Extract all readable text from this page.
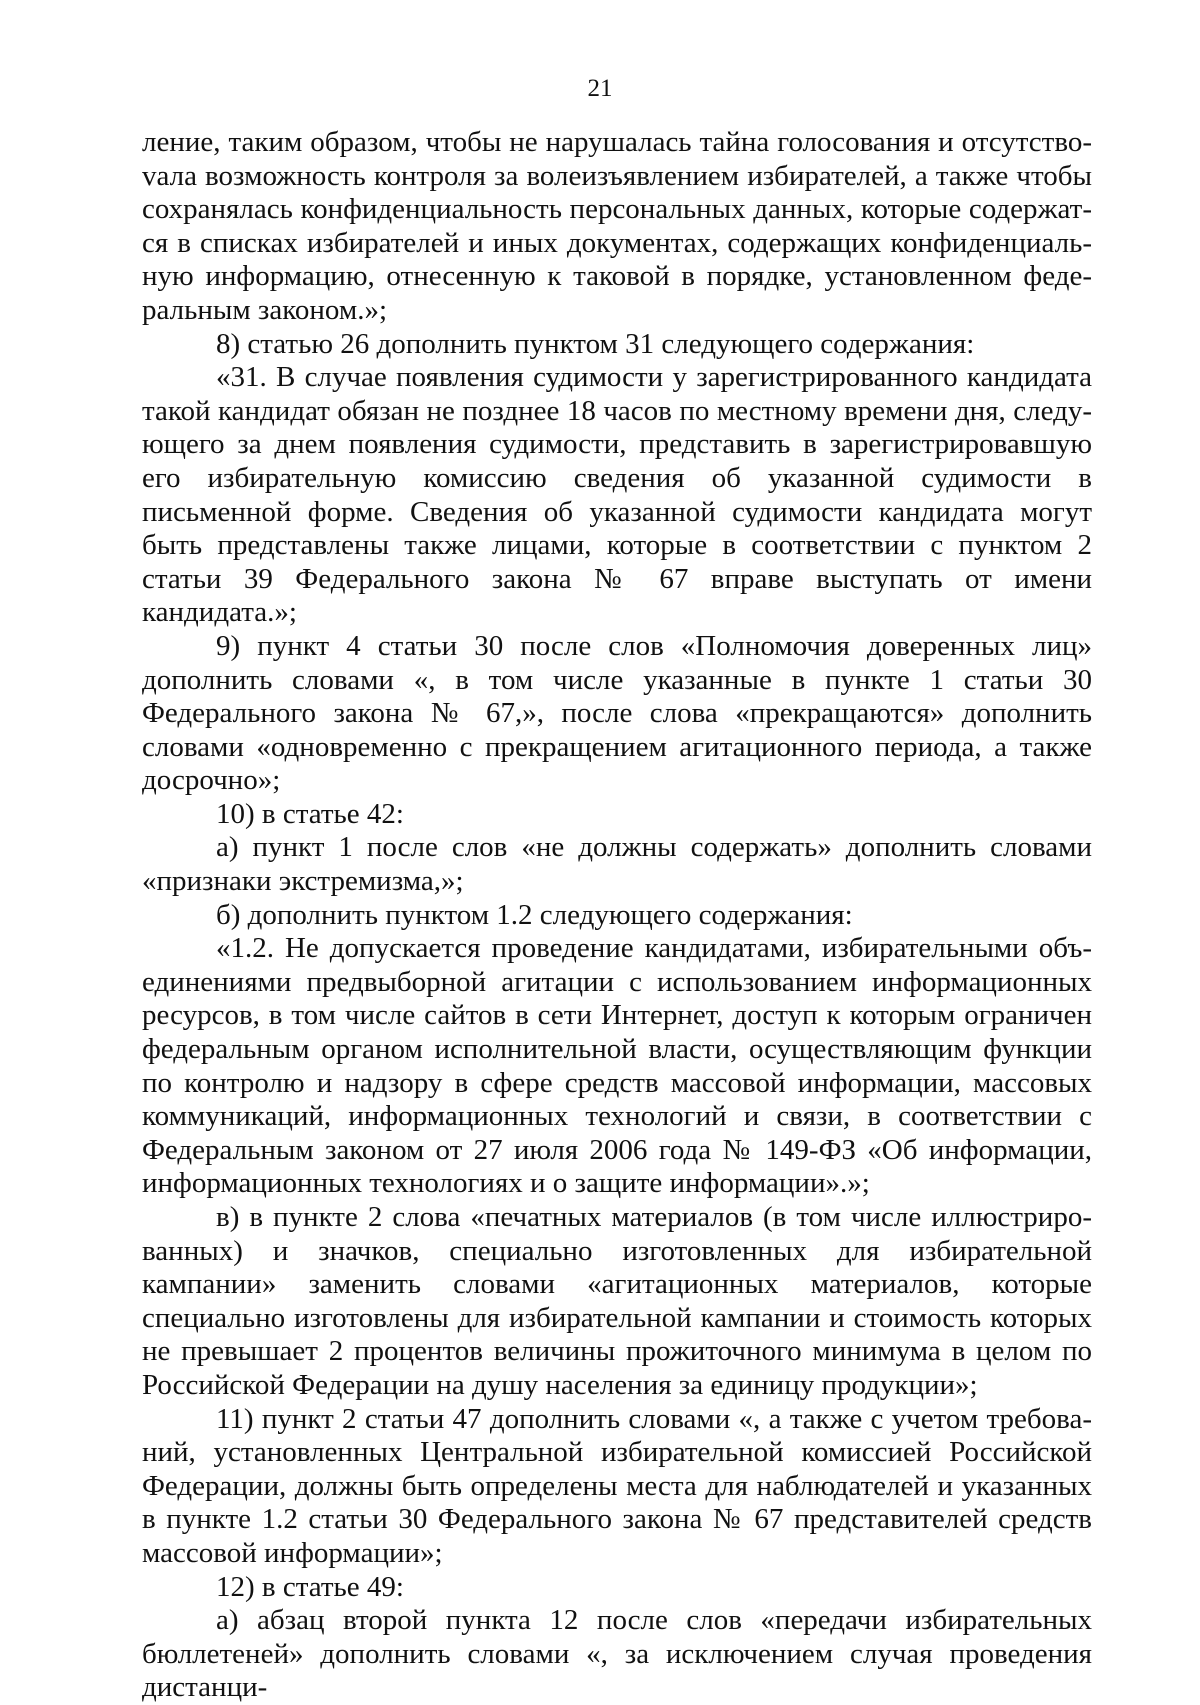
21

ление, таким образом, чтобы не нарушалась тайна голосования и отсутствоvала возможность контроля за волеизъявлением избирателей, а также чтобы сохранялась конфиденциальность персональных данных, которые содержатся в списках избирателей и иных документах, содержащих конфиденциальную информацию, отнесенную к таковой в порядке, установленном федеральным законом.»;

8) статью 26 дополнить пунктом 31 следующего содержания:

«31. В случае появления судимости у зарегистрированного кандидата такой кандидат обязан не позднее 18 часов по местному времени дня, следующего за днем появления судимости, представить в зарегистрировавшую его избирательную комиссию сведения об указанной судимости в письменной форме. Сведения об указанной судимости кандидата могут быть представлены также лицами, которые в соответствии с пунктом 2 статьи 39 Федерального закона № 67 вправе выступать от имени кандидата.»;

9) пункт 4 статьи 30 после слов «Полномочия доверенных лиц» дополнить словами «, в том числе указанные в пункте 1 статьи 30 Федерального закона № 67,», после слова «прекращаются» дополнить словами «одновременно с прекращением агитационного периода, а также досрочно»;

10) в статье 42:

а) пункт 1 после слов «не должны содержать» дополнить словами «признаки экстремизма,»;

б) дополнить пунктом 1.2 следующего содержания:

«1.2. Не допускается проведение кандидатами, избирательными объединениями предвыборной агитации с использованием информационных ресурсов, в том числе сайтов в сети Интернет, доступ к которым ограничен федеральным органом исполнительной власти, осуществляющим функции по контролю и надзору в сфере средств массовой информации, массовых коммуникаций, информационных технологий и связи, в соответствии с Федеральным законом от 27 июля 2006 года № 149-ФЗ «Об информации, информационных технологиях и о защите информации».»;

в) в пункте 2 слова «печатных материалов (в том числе иллюстрированных) и значков, специально изготовленных для избирательной кампании» заменить словами «агитационных материалов, которые специально изготовлены для избирательной кампании и стоимость которых не превышает 2 процентов величины прожиточного минимума в целом по Российской Федерации на душу населения за единицу продукции»;

11) пункт 2 статьи 47 дополнить словами «, а также с учетом требований, установленных Центральной избирательной комиссией Российской Федерации, должны быть определены места для наблюдателей и указанных в пункте 1.2 статьи 30 Федерального закона № 67 представителей средств массовой информации»;

12) в статье 49:

а) абзац второй пункта 12 после слов «передачи избирательных бюллетеней» дополнить словами «, за исключением случая проведения дистанци-
